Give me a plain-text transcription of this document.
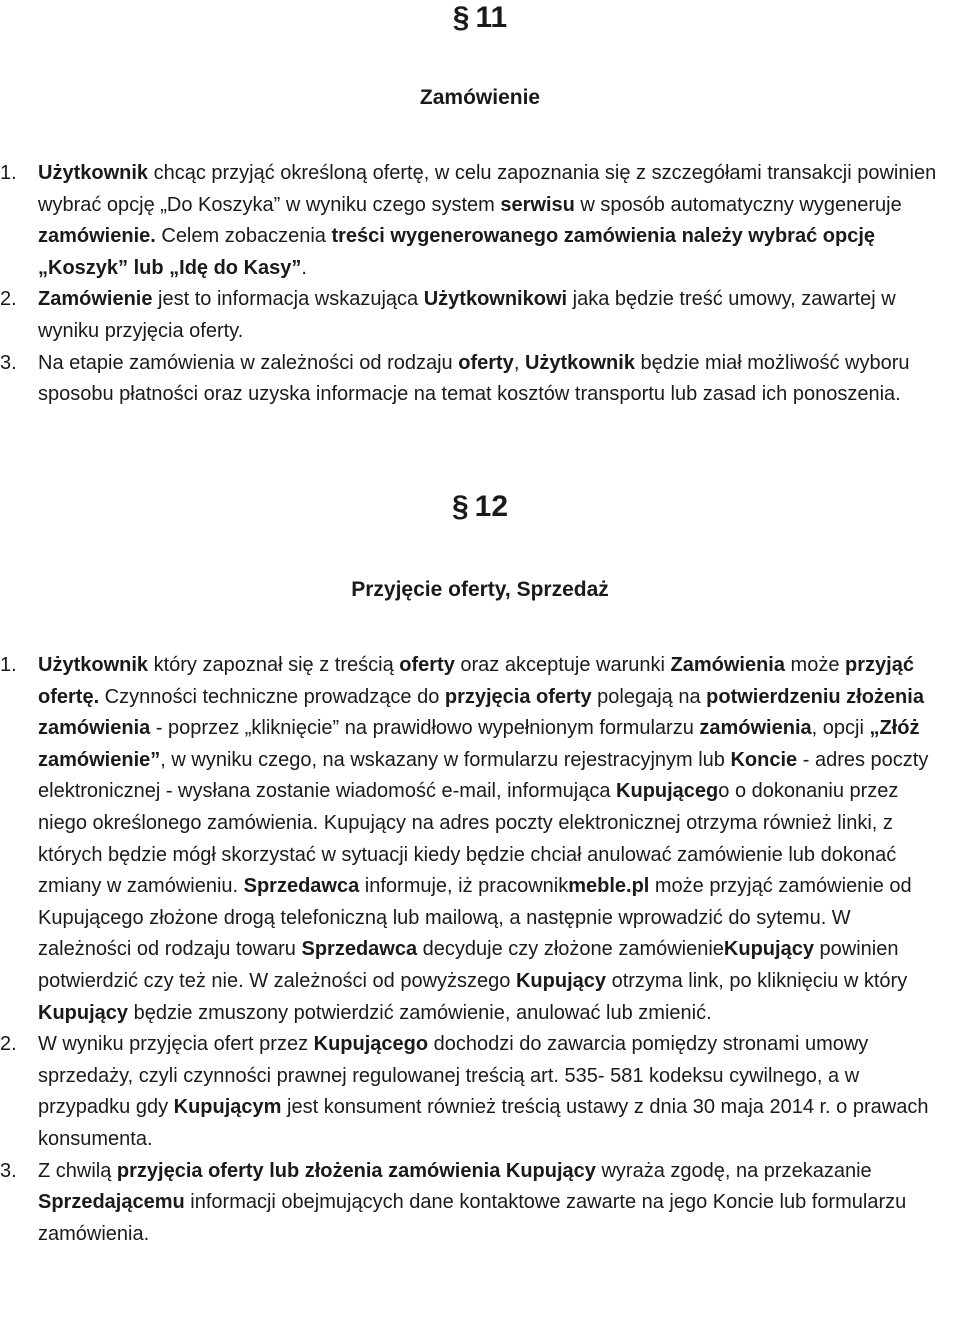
§ 11
Zamówienie
1.	Użytkownik chcąc przyjąć określoną ofertę, w celu zapoznania się z szczegółami transakcji powinien wybrać opcję „Do Koszyka” w wyniku czego system serwisu w sposób automatyczny wygeneruje zamówienie. Celem zobaczenia treści wygenerowanego zamówienia należy wybrać opcję „Koszyk” lub „Idę do Kasy”.
2.	Zamówienie jest to informacja wskazująca Użytkownikowi jaka będzie treść umowy, zawartej w wyniku przyjęcia oferty.
3.	Na etapie zamówienia w zależności od rodzaju oferty, Użytkownik będzie miał możliwość wyboru sposobu płatności oraz uzyska informacje na temat kosztów transportu lub zasad ich ponoszenia.
§ 12
Przyjęcie oferty, Sprzedaż
1.	Użytkownik który zapoznał się z treścią oferty oraz akceptuje warunki Zamówienia może przyjąć ofertę. Czynności techniczne prowadzące do przyjęcia oferty polegają na potwierdzeniu złożenia zamówienia - poprzez „kliknięcie” na prawidłowo wypełnionym formularzu zamówienia, opcji „Złóż zamówienie”, w wyniku czego, na wskazany w formularzu rejestracyjnym lub Koncie - adres poczty elektronicznej - wysłana zostanie wiadomość e-mail, informująca Kupującego o dokonaniu przez niego określonego zamówienia. Kupujący na adres poczty elektronicznej otrzyma również linki, z których będzie mógł skorzystać w sytuacji kiedy będzie chciał anulować zamówienie lub dokonać zmiany w zamówieniu. Sprzedawca informuje, iż pracownikmeble.pl może przyjąć zamówienie od Kupującego złożone drogą telefoniczną lub mailową, a następnie wprowadzić do sytemu. W zależności od rodzaju towaru Sprzedawca decyduje czy złożone zamówienieKupujący powinien potwierdzić czy też nie. W zależności od powyższego Kupujący otrzyma link, po kliknięciu w który Kupujący będzie zmuszony potwierdzić zamówienie, anulować lub zmienić.
2.	W wyniku przyjęcia ofert przez Kupującego dochodzi do zawarcia pomiędzy stronami umowy sprzedaży, czyli czynności prawnej regulowanej treścią art. 535- 581 kodeksu cywilnego, a w przypadku gdy Kupującym jest konsument również treścią ustawy z dnia 30 maja 2014 r. o prawach konsumenta.
3.	Z chwilą przyjęcia oferty lub złożenia zamówienia Kupujący wyraża zgodę, na przekazanie Sprzedającemu informacji obejmujących dane kontaktowe zawarte na jego Koncie lub formularzu zamówienia.
